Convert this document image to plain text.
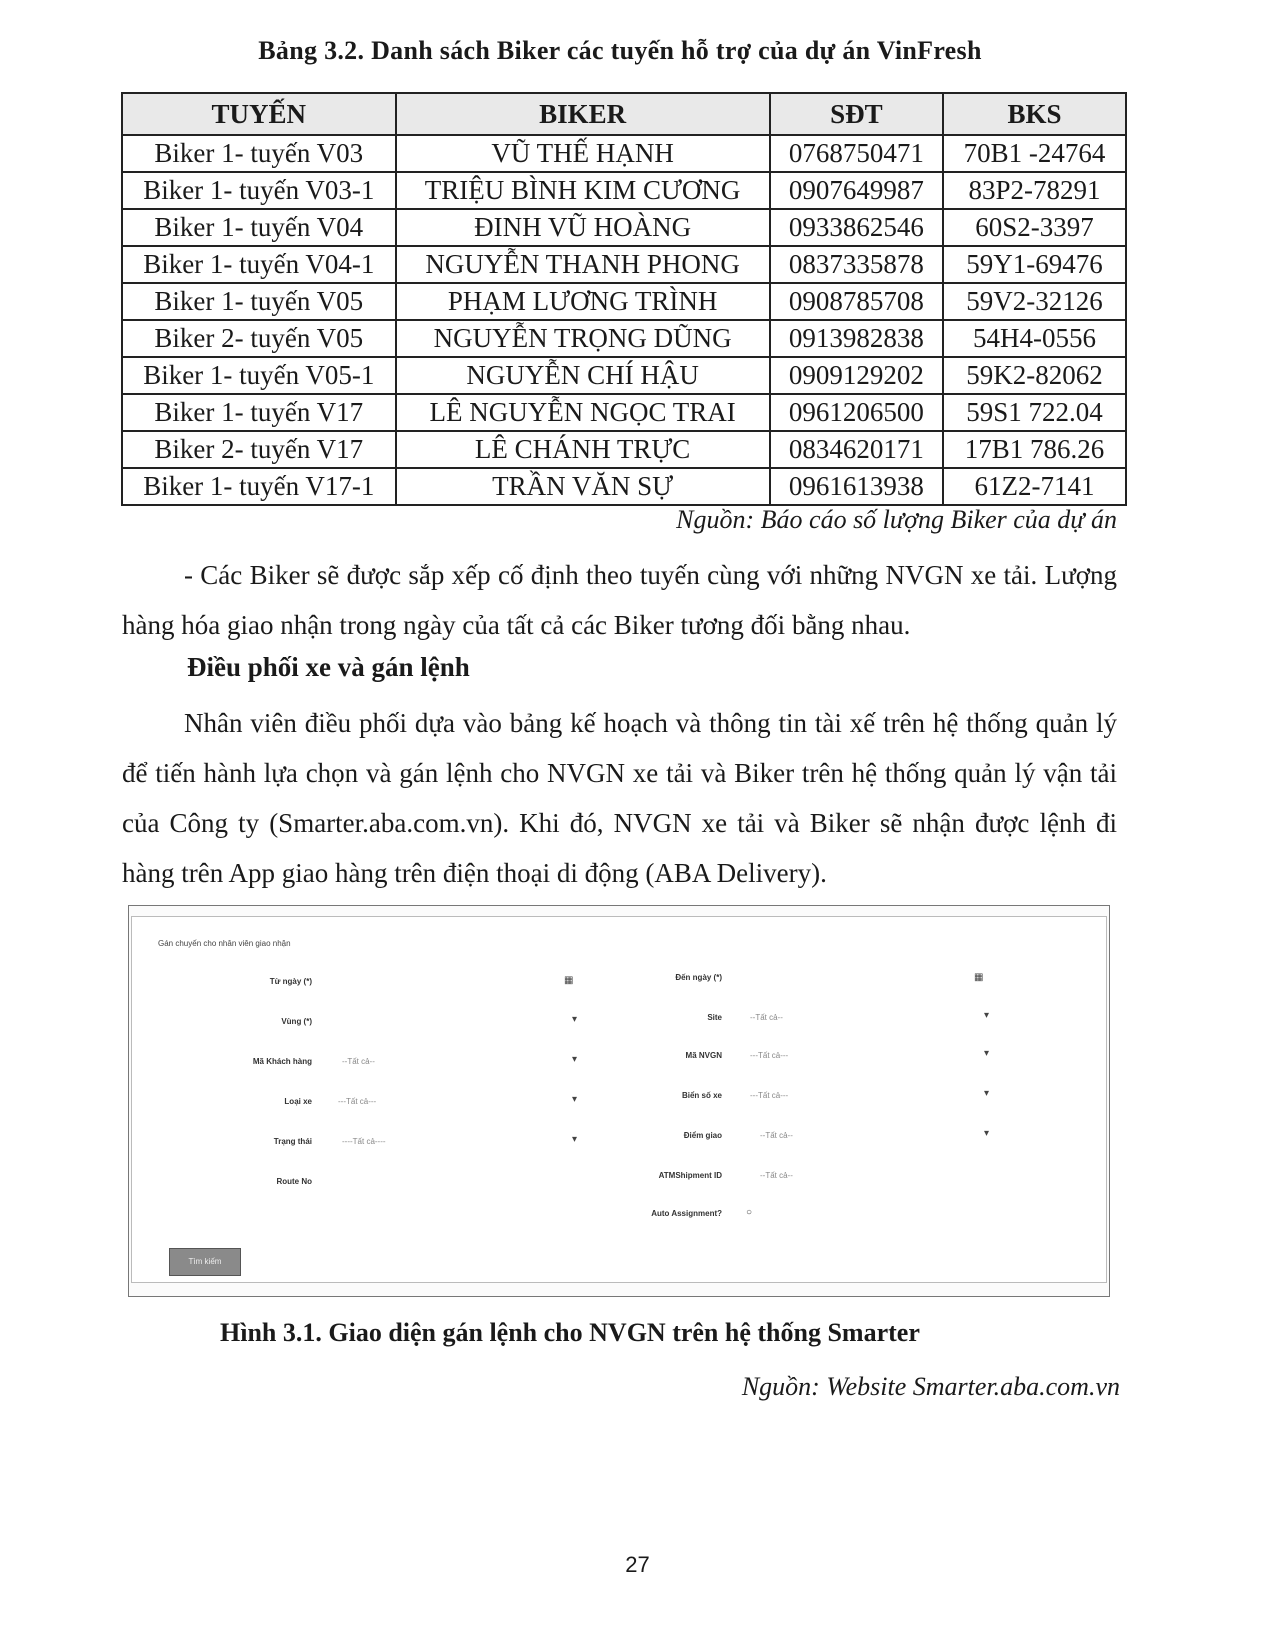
Bảng 3.2. Danh sách Biker các tuyến hỗ trợ của dự án VinFresh
TUYẾN	BIKER	SĐT	BKS
Biker 1- tuyến V03	VŨ THẾ HẠNH	0768750471	70B1 -24764
Biker 1- tuyến V03-1	TRIỆU BÌNH KIM CƯƠNG	0907649987	83P2-78291
Biker 1- tuyến V04	ĐINH VŨ HOÀNG	0933862546	60S2-3397
Biker 1- tuyến V04-1	NGUYỄN THANH PHONG	0837335878	59Y1-69476
Biker 1- tuyến V05	PHẠM LƯƠNG TRÌNH	0908785708	59V2-32126
Biker 2- tuyến V05	NGUYỄN TRỌNG DŨNG	0913982838	54H4-0556
Biker 1- tuyến V05-1	NGUYỄN CHÍ HẬU	0909129202	59K2-82062
Biker 1- tuyến V17	LÊ NGUYỄN NGỌC TRAI	0961206500	59S1 722.04
Biker 2- tuyến V17	LÊ CHÁNH TRỰC	0834620171	17B1 786.26
Biker 1- tuyến V17-1	TRẦN VĂN SỰ	0961613938	61Z2-7141
Nguồn: Báo cáo số lượng Biker của dự án
- Các Biker sẽ được sắp xếp cố định theo tuyến cùng với những NVGN xe tải. Lượng hàng hóa giao nhận trong ngày của tất cả các Biker tương đối bằng nhau.
Điều phối xe và gán lệnh
Nhân viên điều phối dựa vào bảng kế hoạch và thông tin tài xế trên hệ thống quản lý để tiến hành lựa chọn và gán lệnh cho NVGN xe tải và Biker trên hệ thống quản lý vận tải của Công ty (Smarter.aba.com.vn). Khi đó, NVGN xe tải và Biker sẽ nhận được lệnh đi hàng trên App giao hàng trên điện thoại di động (ABA Delivery).
Gán chuyến cho nhân viên giao nhận
Từ ngày (*)	▦
Vùng (*)	▾
Mã Khách hàng	--Tất cả--	▾
Loại xe	---Tất cả---	▾
Trạng thái	----Tất cả----	▾
Route No
Đến ngày (*)	▦
Site	--Tất cả--	▾
Mã NVGN	---Tất cả---	▾
Biển số xe	---Tất cả---	▾
Điểm giao	--Tất cả--	▾
ATMShipment ID	--Tất cả--
Auto Assignment? ○
Tìm kiếm
Hình 3.1. Giao diện gán lệnh cho NVGN trên hệ thống Smarter
Nguồn: Website Smarter.aba.com.vn
27
